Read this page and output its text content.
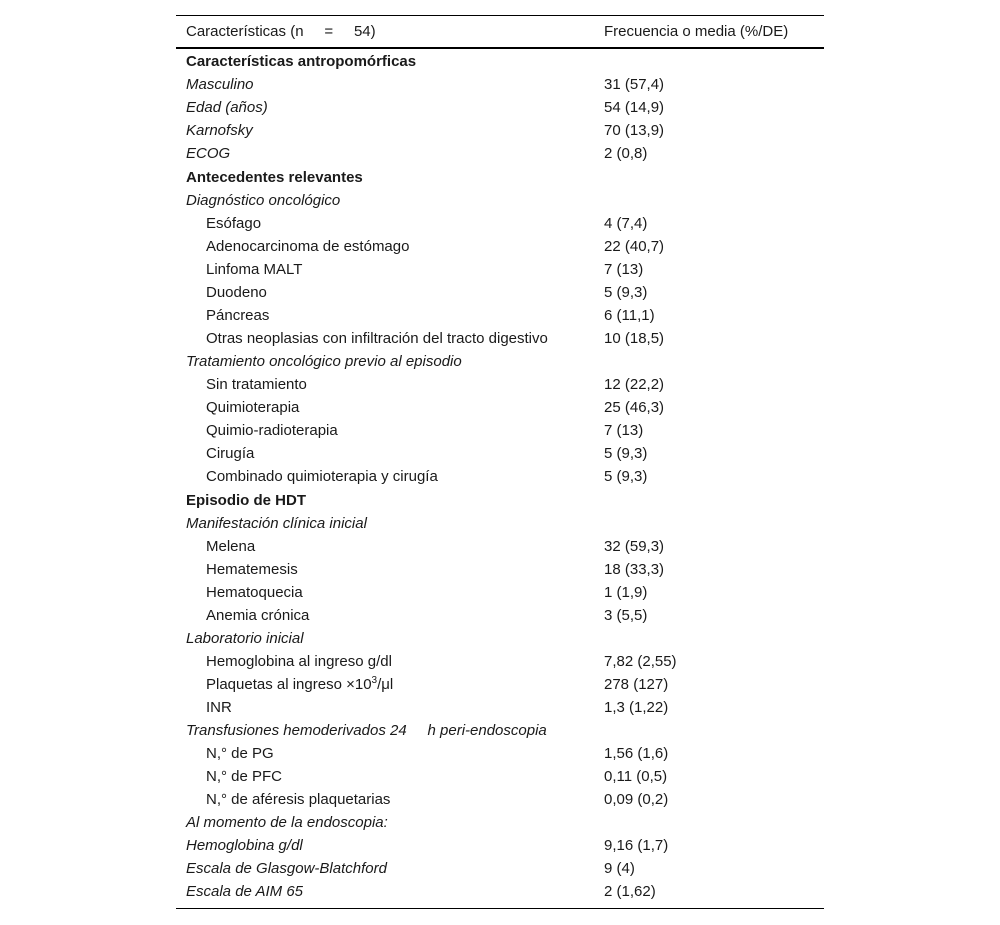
Características (n     =     54)	Frecuencia o media (%/DE)
Características antropomórficas
Masculino	31 (57,4)
Edad (años)	54 (14,9)
Karnofsky	70 (13,9)
ECOG	2 (0,8)
Antecedentes relevantes
Diagnóstico oncológico
Esófago	4 (7,4)
Adenocarcinoma de estómago	22 (40,7)
Linfoma MALT	7 (13)
Duodeno	5 (9,3)
Páncreas	6 (11,1)
Otras neoplasias con infiltración del tracto digestivo	10 (18,5)
Tratamiento oncológico previo al episodio
Sin tratamiento	12 (22,2)
Quimioterapia	25 (46,3)
Quimio-radioterapia	7 (13)
Cirugía	5 (9,3)
Combinado quimioterapia y cirugía	5 (9,3)
Episodio de HDT
Manifestación clínica inicial
Melena	32 (59,3)
Hematemesis	18 (33,3)
Hematoquecia	1 (1,9)
Anemia crónica	3 (5,5)
Laboratorio inicial
Hemoglobina al ingreso g/dl	7,82 (2,55)
Plaquetas al ingreso $\times 10^3/\mu l$	278 (127)
INR	1,3 (1,22)
Transfusiones hemoderivados 24     h peri-endoscopia
N,° de PG	1,56 (1,6)
N,° de PFC	0,11 (0,5)
N,° de aféresis plaquetarias	0,09 (0,2)
Al momento de la endoscopia:
Hemoglobina g/dl	9,16 (1,7)
Escala de Glasgow-Blatchford	9 (4)
Escala de AIM 65	2 (1,62)
